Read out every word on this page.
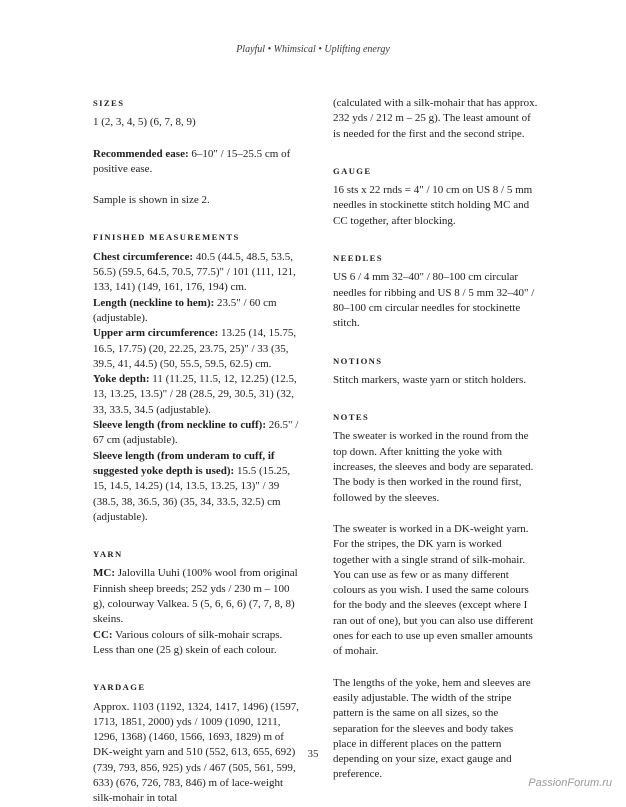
Playful • Whimsical • Uplifting energy
SIZES

1 (2, 3, 4, 5) (6, 7, 8, 9)

Recommended ease: 6–10" / 15–25.5 cm of positive ease.

Sample is shown in size 2.

FINISHED MEASUREMENTS

Chest circumference: 40.5 (44.5, 48.5, 53.5, 56.5) (59.5, 64.5, 70.5, 77.5)" / 101 (111, 121, 133, 141) (149, 161, 176, 194) cm.

Length (neckline to hem): 23.5" / 60 cm (adjustable).

Upper arm circumference: 13.25 (14, 15.75, 16.5, 17.75) (20, 22.25, 23.75, 25)" / 33 (35, 39.5, 41, 44.5) (50, 55.5, 59.5, 62.5) cm.

Yoke depth: 11 (11.25, 11.5, 12, 12.25) (12.5, 13, 13.25, 13.5)" / 28 (28.5, 29, 30.5, 31) (32, 33, 33.5, 34.5 (adjustable).

Sleeve length (from neckline to cuff): 26.5" / 67 cm (adjustable).

Sleeve length (from underam to cuff, if suggested yoke depth is used): 15.5 (15.25, 15, 14.5, 14.25) (14, 13.5, 13.25, 13)" / 39 (38.5, 38, 36.5, 36) (35, 34, 33.5, 32.5) cm (adjustable).

YARN

MC: Jalovilla Uuhi (100% wool from original Finnish sheep breeds; 252 yds / 230 m – 100 g), colourway Valkea. 5 (5, 6, 6, 6) (7, 7, 8, 8) skeins.

CC: Various colours of silk-mohair scraps. Less than one (25 g) skein of each colour.

YARDAGE

Approx. 1103 (1192, 1324, 1417, 1496) (1597, 1713, 1851, 2000) yds / 1009 (1090, 1211, 1296, 1368) (1460, 1566, 1693, 1829) m of DK-weight yarn and 510 (552, 613, 655, 692) (739, 793, 856, 925) yds / 467 (505, 561, 599, 633) (676, 726, 783, 846) m of lace-weight silk-mohair in total

(calculated with a silk-mohair that has approx. 232 yds / 212 m – 25 g). The least amount of is needed for the first and the second stripe.

GAUGE

16 sts x 22 rnds = 4" / 10 cm on US 8 / 5 mm needles in stockinette stitch holding MC and CC together, after blocking.

NEEDLES

US 6 / 4 mm 32–40" / 80–100 cm circular needles for ribbing and US 8 / 5 mm 32–40" / 80–100 cm circular needles for stockinette stitch.

NOTIONS

Stitch markers, waste yarn or stitch holders.

NOTES

The sweater is worked in the round from the top down. After knitting the yoke with increases, the sleeves and body are separated. The body is then worked in the round first, followed by the sleeves.

The sweater is worked in a DK-weight yarn. For the stripes, the DK yarn is worked together with a single strand of silk-mohair. You can use as few or as many different colours as you wish. I used the same colours for the body and the sleeves (except where I ran out of one), but you can also use different ones for each to use up even smaller amounts of mohair.

The lengths of the yoke, hem and sleeves are easily adjustable. The width of the stripe pattern is the same on all sizes, so the separation for the sleeves and body takes place in different places on the pattern depending on your size, exact gauge and preference.

35
PassionForum.ru
